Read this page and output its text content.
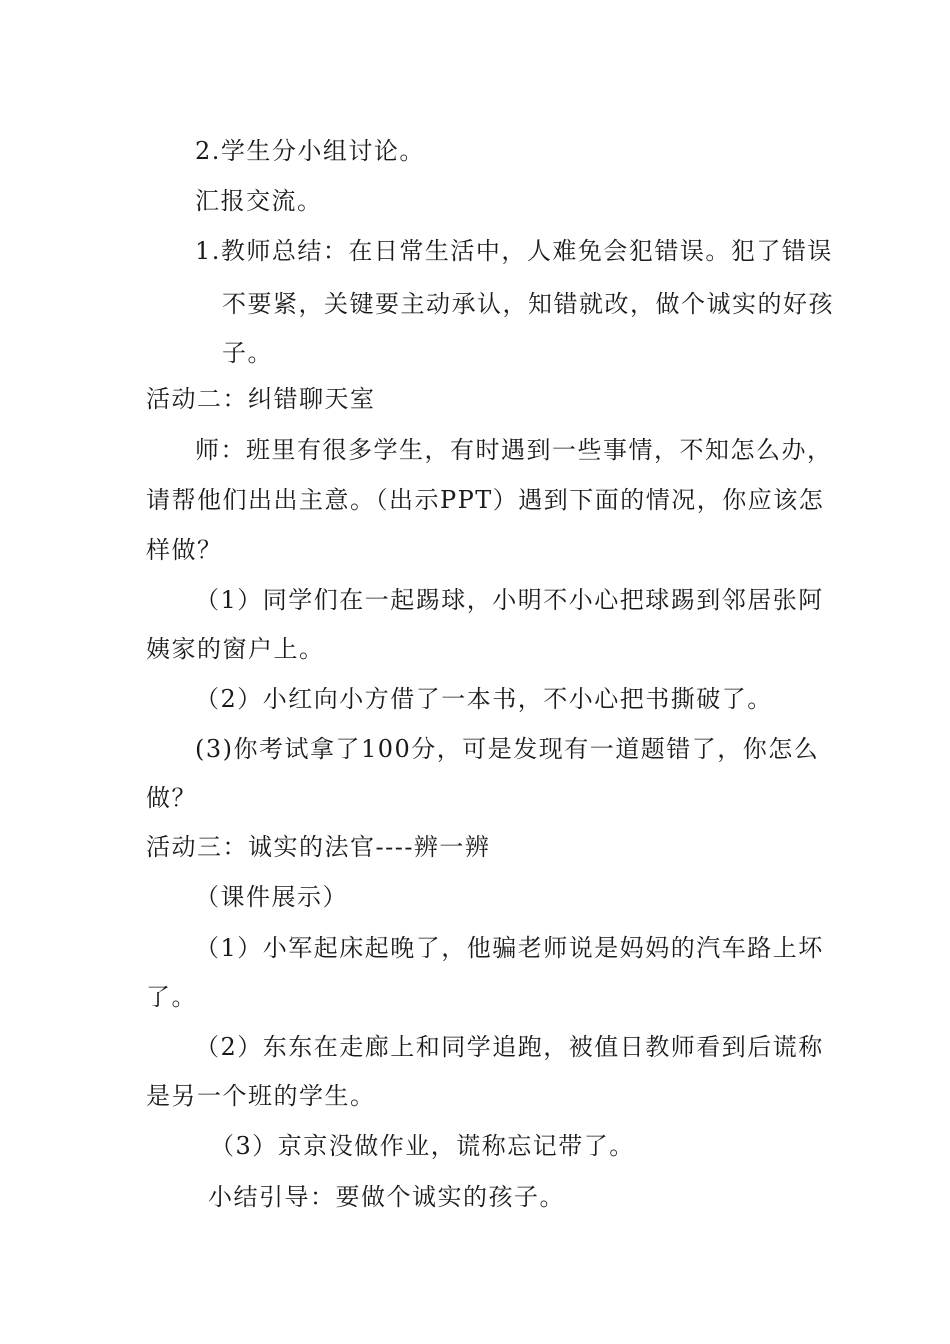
2.学生分小组讨论。
汇报交流。
1.教师总结：在日常生活中，人难免会犯错误。犯了错误
不要紧，关键要主动承认，知错就改，做个诚实的好孩
子。
活动二：纠错聊天室
师：班里有很多学生，有时遇到一些事情，不知怎么办，
请帮他们出出主意。（出示PPT）遇到下面的情况，你应该怎
样做？
（1）同学们在一起踢球，小明不小心把球踢到邻居张阿
姨家的窗户上。
（2）小红向小方借了一本书，不小心把书撕破了。
(3)你考试拿了100分，可是发现有一道题错了，你怎么
做？
活动三：诚实的法官----辨一辨
（课件展示）
（1）小军起床起晚了，他骗老师说是妈妈的汽车路上坏
了。
（2）东东在走廊上和同学追跑，被值日教师看到后谎称
是另一个班的学生。
（3）京京没做作业，谎称忘记带了。
小结引导：要做个诚实的孩子。
